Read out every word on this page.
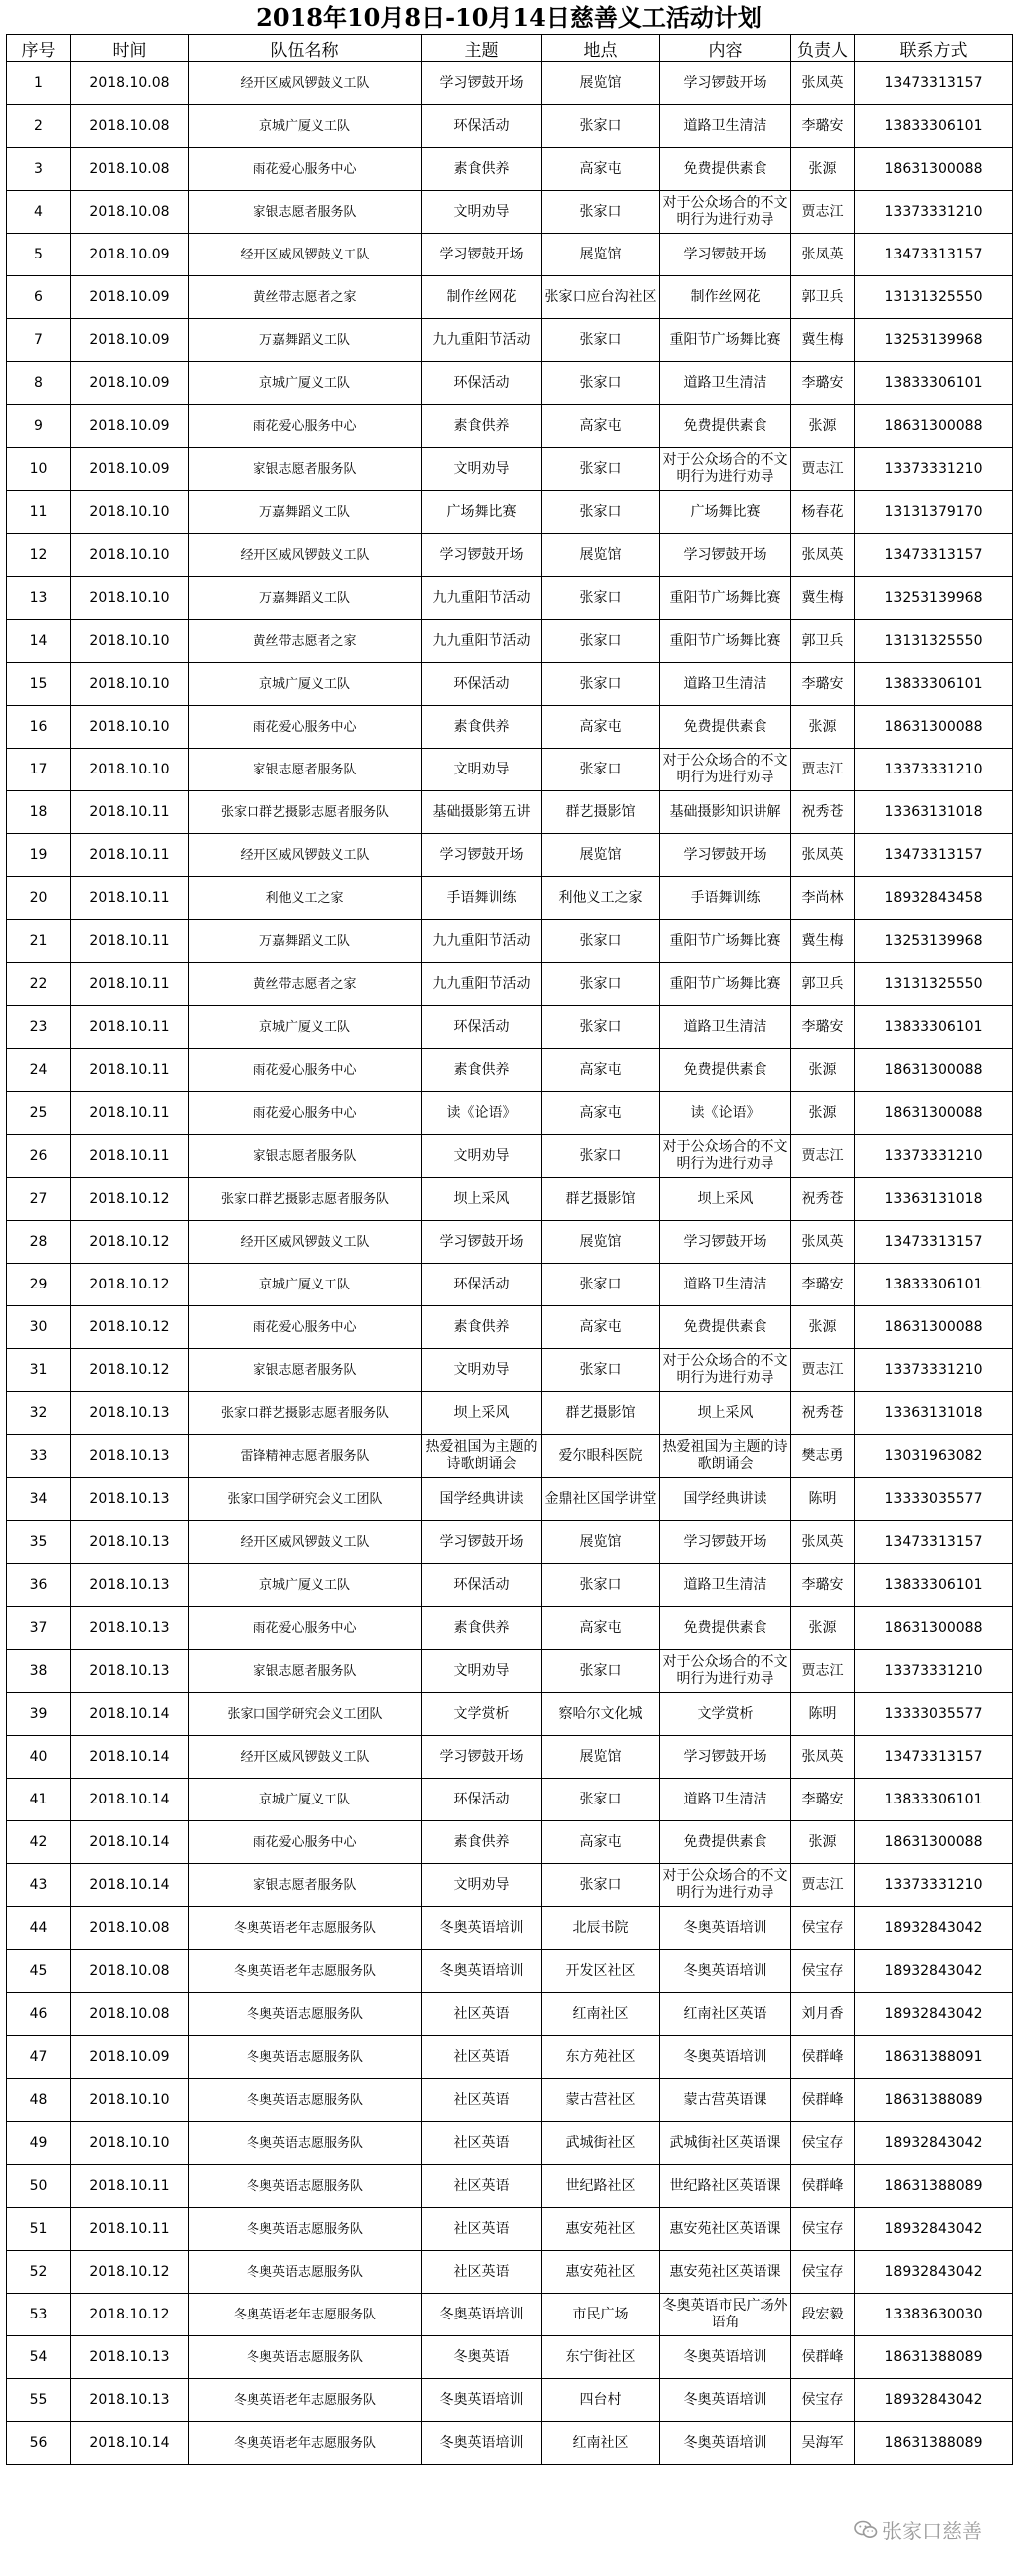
2018年10月8日-10月14日慈善义工活动计划
序号	时间	队伍名称	主题	地点	内容	负责人	联系方式
1	2018.10.08	经开区威风锣鼓义工队	学习锣鼓开场	展览馆	学习锣鼓开场	张凤英	13473313157
2	2018.10.08	京城广厦义工队	环保活动	张家口	道路卫生清洁	李璐安	13833306101
3	2018.10.08	雨花爱心服务中心	素食供养	高家屯	免费提供素食	张源	18631300088
4	2018.10.08	家银志愿者服务队	文明劝导	张家口	对于公众场合的不文明行为进行劝导	贾志江	13373331210
5	2018.10.09	经开区威风锣鼓义工队	学习锣鼓开场	展览馆	学习锣鼓开场	张凤英	13473313157
6	2018.10.09	黄丝带志愿者之家	制作丝网花	张家口应台沟社区	制作丝网花	郭卫兵	13131325550
7	2018.10.09	万嘉舞蹈义工队	九九重阳节活动	张家口	重阳节广场舞比赛	冀生梅	13253139968
8	2018.10.09	京城广厦义工队	环保活动	张家口	道路卫生清洁	李璐安	13833306101
9	2018.10.09	雨花爱心服务中心	素食供养	高家屯	免费提供素食	张源	18631300088
10	2018.10.09	家银志愿者服务队	文明劝导	张家口	对于公众场合的不文明行为进行劝导	贾志江	13373331210
11	2018.10.10	万嘉舞蹈义工队	广场舞比赛	张家口	广场舞比赛	杨春花	13131379170
12	2018.10.10	经开区威风锣鼓义工队	学习锣鼓开场	展览馆	学习锣鼓开场	张凤英	13473313157
13	2018.10.10	万嘉舞蹈义工队	九九重阳节活动	张家口	重阳节广场舞比赛	冀生梅	13253139968
14	2018.10.10	黄丝带志愿者之家	九九重阳节活动	张家口	重阳节广场舞比赛	郭卫兵	13131325550
15	2018.10.10	京城广厦义工队	环保活动	张家口	道路卫生清洁	李璐安	13833306101
16	2018.10.10	雨花爱心服务中心	素食供养	高家屯	免费提供素食	张源	18631300088
17	2018.10.10	家银志愿者服务队	文明劝导	张家口	对于公众场合的不文明行为进行劝导	贾志江	13373331210
18	2018.10.11	张家口群艺摄影志愿者服务队	基础摄影第五讲	群艺摄影馆	基础摄影知识讲解	祝秀苍	13363131018
19	2018.10.11	经开区威风锣鼓义工队	学习锣鼓开场	展览馆	学习锣鼓开场	张凤英	13473313157
20	2018.10.11	利他义工之家	手语舞训练	利他义工之家	手语舞训练	李尚林	18932843458
21	2018.10.11	万嘉舞蹈义工队	九九重阳节活动	张家口	重阳节广场舞比赛	冀生梅	13253139968
22	2018.10.11	黄丝带志愿者之家	九九重阳节活动	张家口	重阳节广场舞比赛	郭卫兵	13131325550
23	2018.10.11	京城广厦义工队	环保活动	张家口	道路卫生清洁	李璐安	13833306101
24	2018.10.11	雨花爱心服务中心	素食供养	高家屯	免费提供素食	张源	18631300088
25	2018.10.11	雨花爱心服务中心	读《论语》	高家屯	读《论语》	张源	18631300088
26	2018.10.11	家银志愿者服务队	文明劝导	张家口	对于公众场合的不文明行为进行劝导	贾志江	13373331210
27	2018.10.12	张家口群艺摄影志愿者服务队	坝上采风	群艺摄影馆	坝上采风	祝秀苍	13363131018
28	2018.10.12	经开区威风锣鼓义工队	学习锣鼓开场	展览馆	学习锣鼓开场	张凤英	13473313157
29	2018.10.12	京城广厦义工队	环保活动	张家口	道路卫生清洁	李璐安	13833306101
30	2018.10.12	雨花爱心服务中心	素食供养	高家屯	免费提供素食	张源	18631300088
31	2018.10.12	家银志愿者服务队	文明劝导	张家口	对于公众场合的不文明行为进行劝导	贾志江	13373331210
32	2018.10.13	张家口群艺摄影志愿者服务队	坝上采风	群艺摄影馆	坝上采风	祝秀苍	13363131018
33	2018.10.13	雷锋精神志愿者服务队	热爱祖国为主题的诗歌朗诵会	爱尔眼科医院	热爱祖国为主题的诗歌朗诵会	樊志勇	13031963082
34	2018.10.13	张家口国学研究会义工团队	国学经典讲读	金鼎社区国学讲堂	国学经典讲读	陈明	13333035577
35	2018.10.13	经开区威风锣鼓义工队	学习锣鼓开场	展览馆	学习锣鼓开场	张凤英	13473313157
36	2018.10.13	京城广厦义工队	环保活动	张家口	道路卫生清洁	李璐安	13833306101
37	2018.10.13	雨花爱心服务中心	素食供养	高家屯	免费提供素食	张源	18631300088
38	2018.10.13	家银志愿者服务队	文明劝导	张家口	对于公众场合的不文明行为进行劝导	贾志江	13373331210
39	2018.10.14	张家口国学研究会义工团队	文学赏析	察哈尔文化城	文学赏析	陈明	13333035577
40	2018.10.14	经开区威风锣鼓义工队	学习锣鼓开场	展览馆	学习锣鼓开场	张凤英	13473313157
41	2018.10.14	京城广厦义工队	环保活动	张家口	道路卫生清洁	李璐安	13833306101
42	2018.10.14	雨花爱心服务中心	素食供养	高家屯	免费提供素食	张源	18631300088
43	2018.10.14	家银志愿者服务队	文明劝导	张家口	对于公众场合的不文明行为进行劝导	贾志江	13373331210
44	2018.10.08	冬奥英语老年志愿服务队	冬奥英语培训	北辰书院	冬奥英语培训	侯宝存	18932843042
45	2018.10.08	冬奥英语老年志愿服务队	冬奥英语培训	开发区社区	冬奥英语培训	侯宝存	18932843042
46	2018.10.08	冬奥英语志愿服务队	社区英语	红南社区	红南社区英语	刘月香	18932843042
47	2018.10.09	冬奥英语志愿服务队	社区英语	东方苑社区	冬奥英语培训	侯群峰	18631388091
48	2018.10.10	冬奥英语志愿服务队	社区英语	蒙古营社区	蒙古营英语课	侯群峰	18631388089
49	2018.10.10	冬奥英语志愿服务队	社区英语	武城街社区	武城街社区英语课	侯宝存	18932843042
50	2018.10.11	冬奥英语志愿服务队	社区英语	世纪路社区	世纪路社区英语课	侯群峰	18631388089
51	2018.10.11	冬奥英语志愿服务队	社区英语	惠安苑社区	惠安苑社区英语课	侯宝存	18932843042
52	2018.10.12	冬奥英语志愿服务队	社区英语	惠安苑社区	惠安苑社区英语课	侯宝存	18932843042
53	2018.10.12	冬奥英语老年志愿服务队	冬奥英语培训	市民广场	冬奥英语市民广场外语角	段宏毅	13383630030
54	2018.10.13	冬奥英语志愿服务队	冬奥英语	东宁街社区	冬奥英语培训	侯群峰	18631388089
55	2018.10.13	冬奥英语老年志愿服务队	冬奥英语培训	四台村	冬奥英语培训	侯宝存	18932843042
56	2018.10.14	冬奥英语老年志愿服务队	冬奥英语培训	红南社区	冬奥英语培训	吴海军	18631388089
张家口慈善
